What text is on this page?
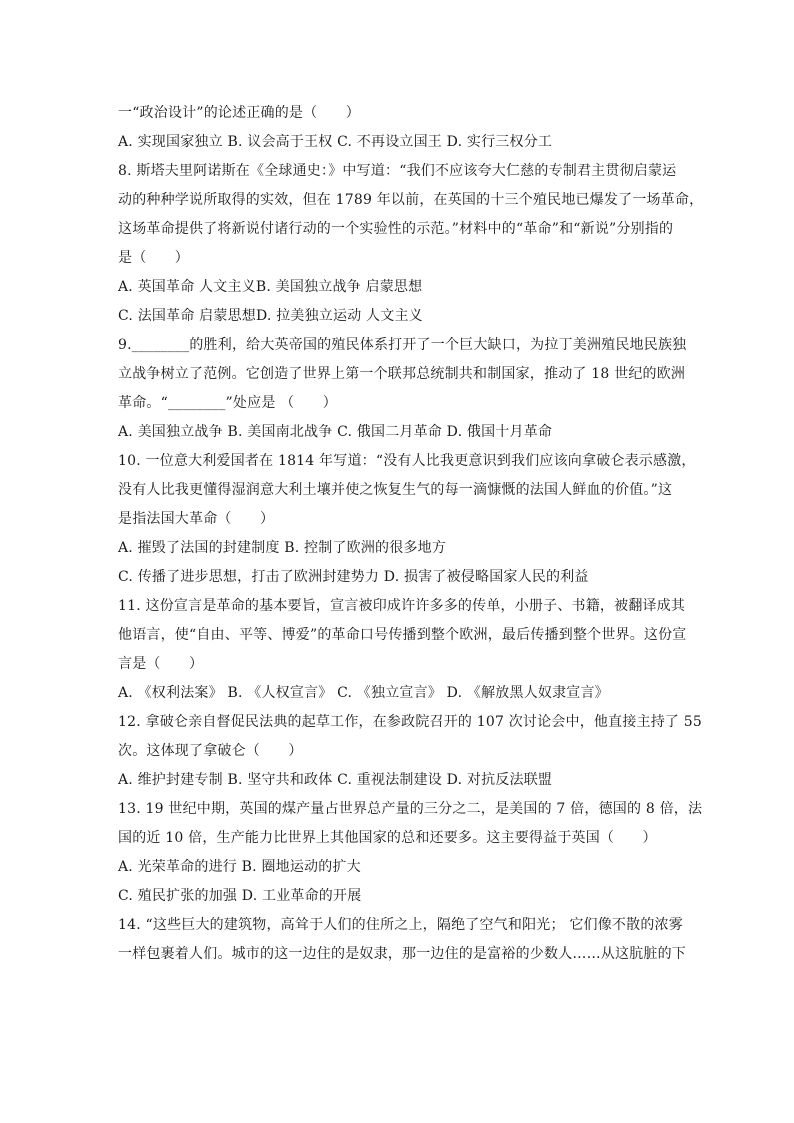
一“政治设计”的论述正确的是（　　）
A. 实现国家独立 B. 议会高于王权 C. 不再设立国王 D. 实行三权分工
8. 斯塔夫里阿诺斯在《全球通史：》中写道：“我们不应该夸大仁慈的专制君主贯彻启蒙运
动的种种学说所取得的实效，但在 1789 年以前，在英国的十三个殖民地已爆发了一场革命，
这场革命提供了将新说付诸行动的一个实验性的示范。”材料中的“革命”和“新说”分别指的
是（　　）
A. 英国革命 人文主义B. 美国独立战争 启蒙思想
C. 法国革命 启蒙思想D. 拉美独立运动 人文主义
9.________的胜利，给大英帝国的殖民体系打开了一个巨大缺口，为拉丁美洲殖民地民族独
立战争树立了范例。它创造了世界上第一个联邦总统制共和制国家，推动了 18 世纪的欧洲
革命。“________”处应是 （　　）
A. 美国独立战争 B. 美国南北战争 C. 俄国二月革命 D. 俄国十月革命
10. 一位意大利爱国者在 1814 年写道：“没有人比我更意识到我们应该向拿破仑表示感激，
没有人比我更懂得湿润意大利土壤并使之恢复生气的每一滴慷慨的法国人鲜血的价值。”这
是指法国大革命（　　）
A. 摧毁了法国的封建制度 B. 控制了欧洲的很多地方
C. 传播了进步思想，打击了欧洲封建势力 D. 损害了被侵略国家人民的利益
11. 这份宣言是革命的基本要旨，宣言被印成许许多多的传单，小册子、书籍，被翻译成其
他语言，使“自由、平等、博爱”的革命口号传播到整个欧洲，最后传播到整个世界。这份宣
言是（　　）
A. 《权利法案》 B. 《人权宣言》 C. 《独立宣言》 D. 《解放黑人奴隶宣言》
12. 拿破仑亲自督促民法典的起草工作，在参政院召开的 107 次讨论会中，他直接主持了 55
次。这体现了拿破仑（　　）
A. 维护封建专制 B. 坚守共和政体 C. 重视法制建设 D. 对抗反法联盟
13. 19 世纪中期，英国的煤产量占世界总产量的三分之二，是美国的 7 倍，德国的 8 倍，法
国的近 10 倍，生产能力比世界上其他国家的总和还要多。这主要得益于英国（　　）
A. 光荣革命的进行 B. 圈地运动的扩大
C. 殖民扩张的加强 D. 工业革命的开展
14. “这些巨大的建筑物，高耸于人们的住所之上，隔绝了空气和阳光； 它们像不散的浓雾
一样包裹着人们。城市的这一边住的是奴隶，那一边住的是富裕的少数人……从这肮脏的下
